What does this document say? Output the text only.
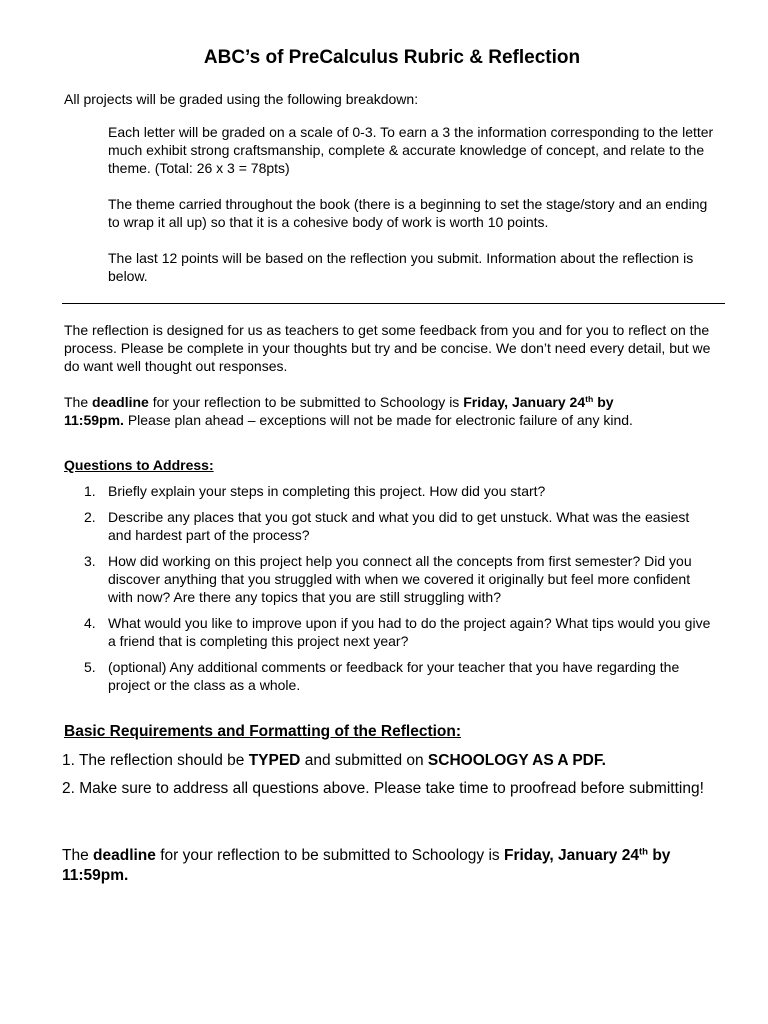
ABC’s of PreCalculus Rubric & Reflection

All projects will be graded using the following breakdown:

Each letter will be graded on a scale of 0-3. To earn a 3 the information corresponding to the letter much exhibit strong craftsmanship, complete & accurate knowledge of concept, and relate to the theme. (Total: 26 x 3 = 78pts)

The theme carried throughout the book (there is a beginning to set the stage/story and an ending to wrap it all up) so that it is a cohesive body of work is worth 10 points.

The last 12 points will be based on the reflection you submit. Information about the reflection is below.

The reflection is designed for us as teachers to get some feedback from you and for you to reflect on the process. Please be complete in your thoughts but try and be concise. We don’t need every detail, but we do want well thought out responses.

The deadline for your reflection to be submitted to Schoology is Friday, January 24th by
11:59pm. Please plan ahead – exceptions will not be made for electronic failure of any kind.

Questions to Address:

1. Briefly explain your steps in completing this project. How did you start?
2. Describe any places that you got stuck and what you did to get unstuck. What was the easiest and hardest part of the process?
3. How did working on this project help you connect all the concepts from first semester? Did you discover anything that you struggled with when we covered it originally but feel more confident with now? Are there any topics that you are still struggling with?
4. What would you like to improve upon if you had to do the project again? What tips would you give a friend that is completing this project next year?
5. (optional) Any additional comments or feedback for your teacher that you have regarding the project or the class as a whole.

Basic Requirements and Formatting of the Reflection:

1. The reflection should be TYPED and submitted on SCHOOLOGY AS A PDF.

2. Make sure to address all questions above. Please take time to proofread before submitting!

The deadline for your reflection to be submitted to Schoology is Friday, January 24th by
11:59pm.
